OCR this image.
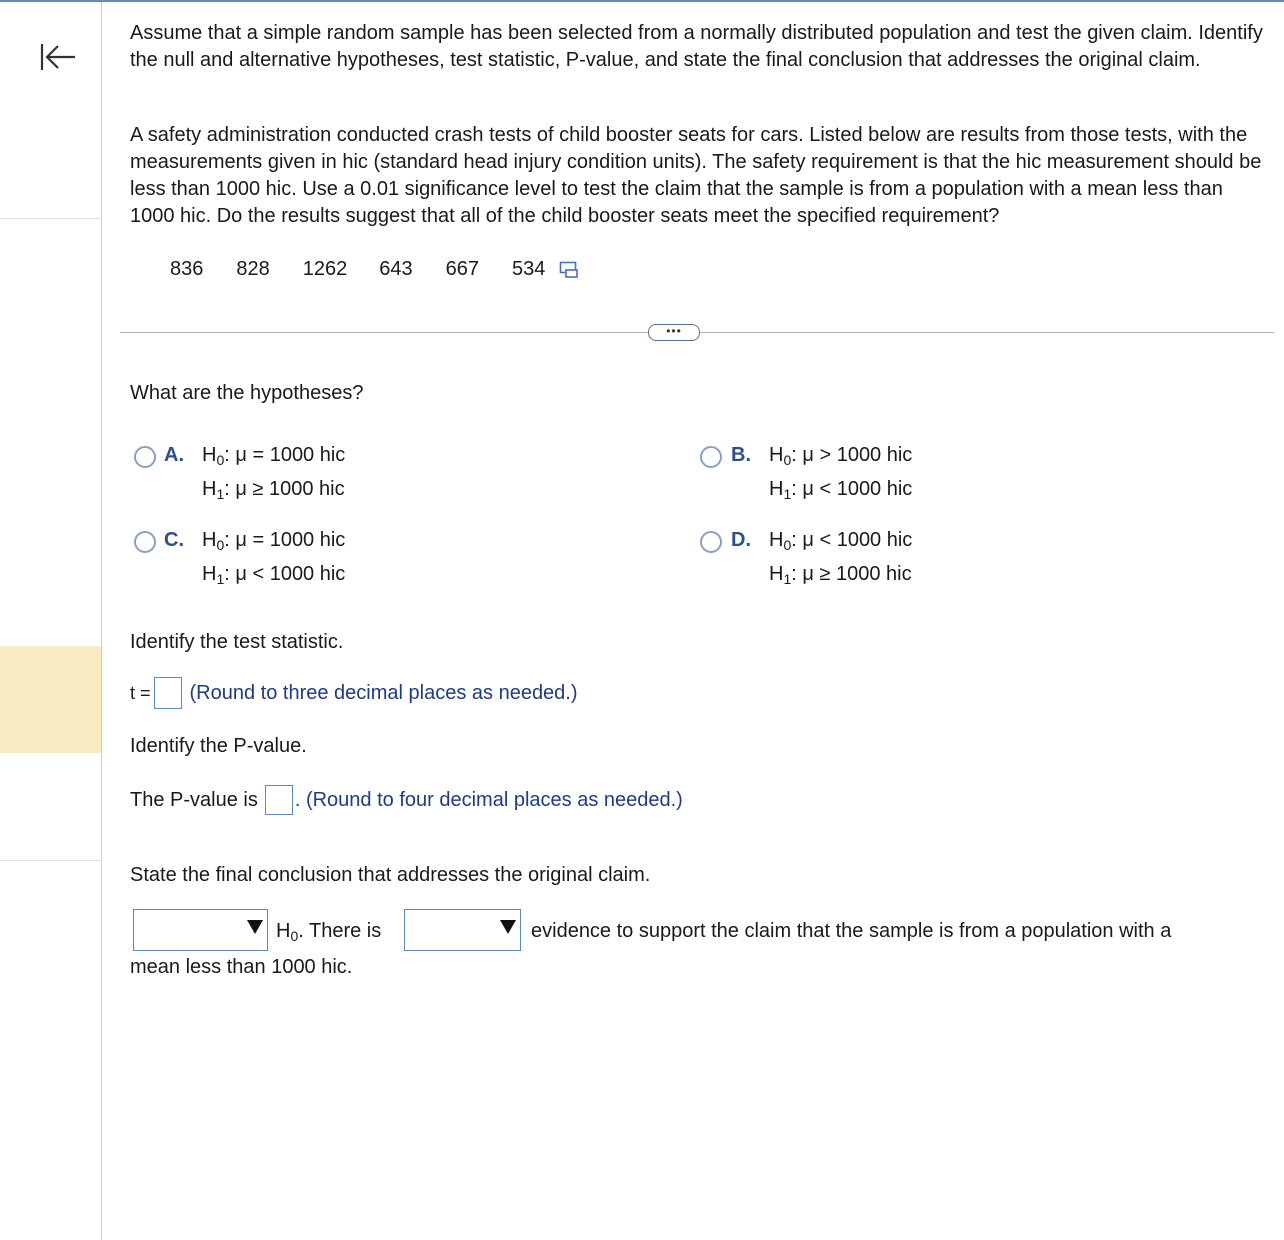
Assume that a simple random sample has been selected from a normally distributed population and test the given claim. Identify the null and alternative hypotheses, test statistic, P-value, and state the final conclusion that addresses the original claim.

A safety administration conducted crash tests of child booster seats for cars. Listed below are results from those tests, with the measurements given in hic (standard head injury condition units). The safety requirement is that the hic measurement should be less than 1000 hic. Use a 0.01 significance level to test the claim that the sample is from a population with a mean less than 1000 hic. Do the results suggest that all of the child booster seats meet the specified requirement?

836 828 1262 643 667 534
•••
What are the hypotheses?
A. $H_0$: μ = 1000 hic
$H_1$: μ ≥ 1000 hic
B. $H_0$: μ > 1000 hic
$H_1$: μ < 1000 hic
C. $H_0$: μ = 1000 hic
$H_1$: μ < 1000 hic
D. $H_0$: μ < 1000 hic
$H_1$: μ ≥ 1000 hic
Identify the test statistic.
t = (Round to three decimal places as needed.)
Identify the P-value.
The P-value is . (Round to four decimal places as needed.)
State the final conclusion that addresses the original claim.
$H_0$. There is	evidence to support the claim that the sample is from a population with a
mean less than 1000 hic.
